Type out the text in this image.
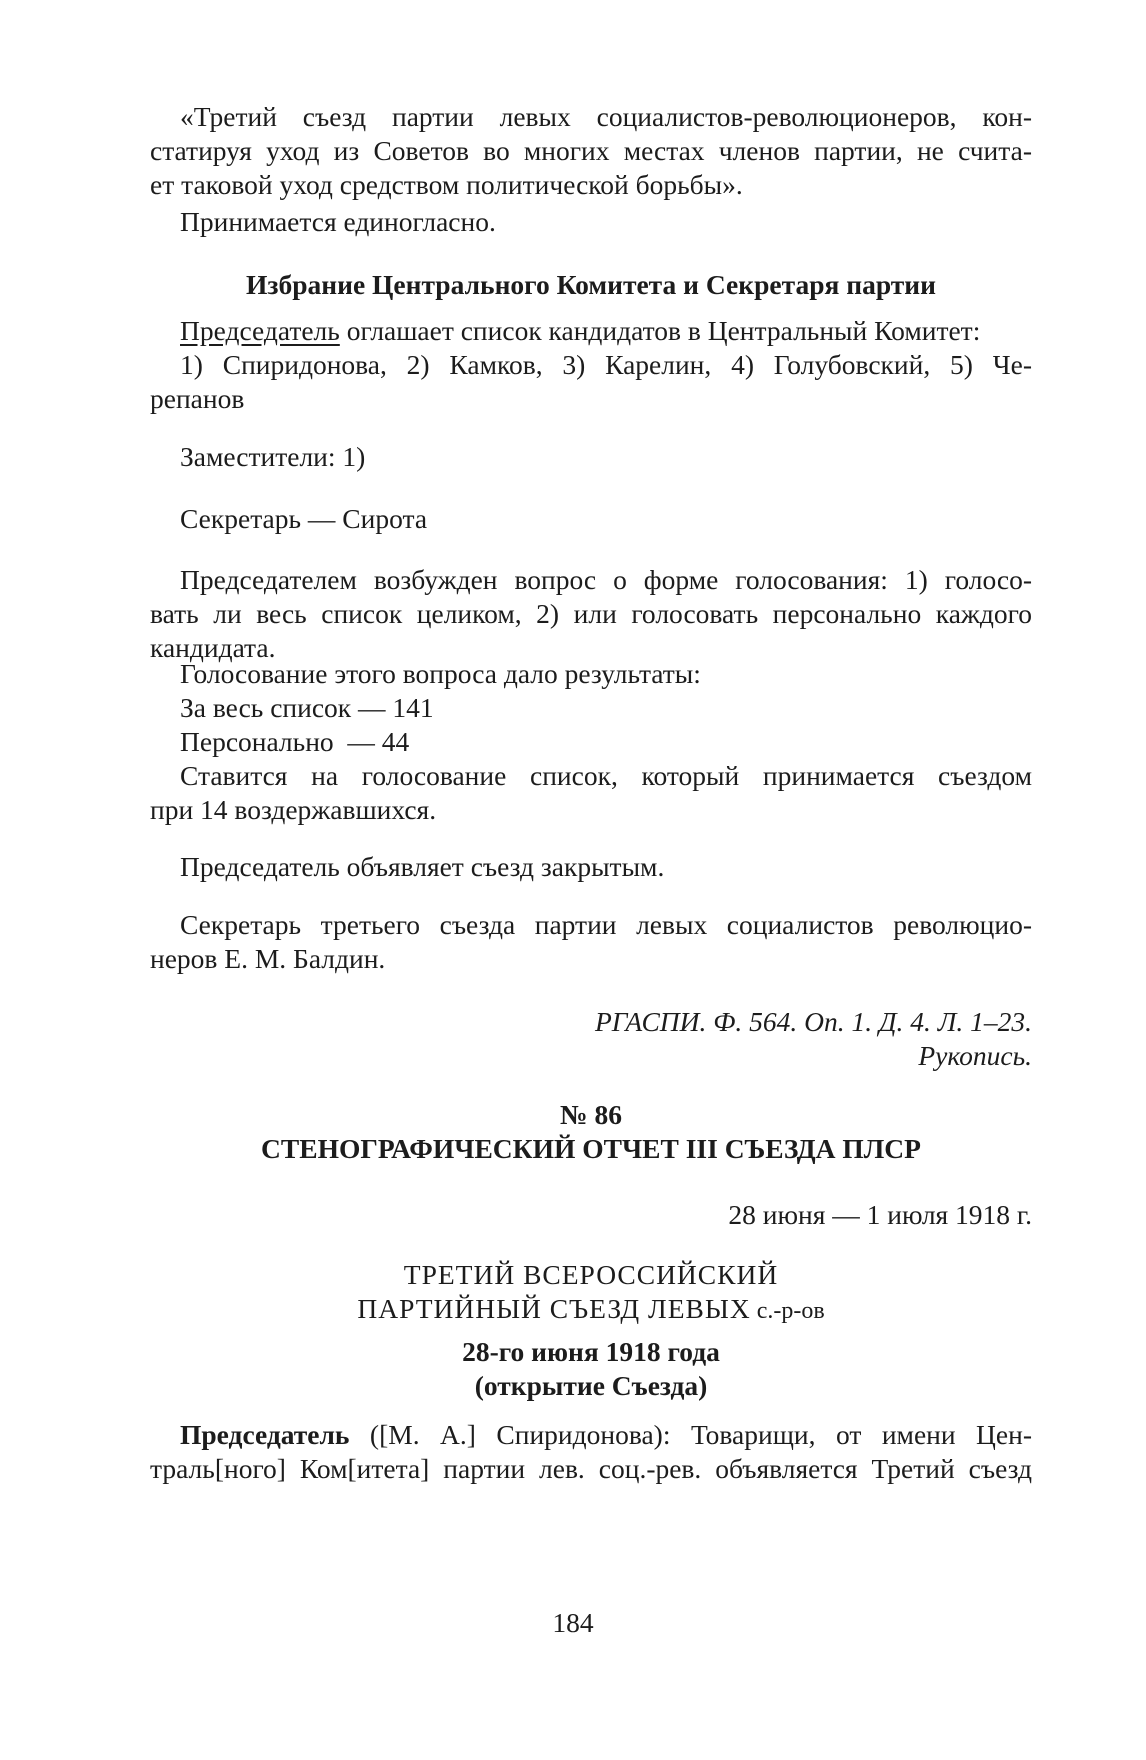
«Третий съезд партии левых социалистов-революционеров, кон-
статируя уход из Советов во многих местах членов партии, не счита-
ет таковой уход средством политической борьбы».
Принимается единогласно.
Избрание Центрального Комитета и Секретаря партии
Председатель оглашает список кандидатов в Центральный Комитет:
1) Спиридонова, 2) Камков, 3) Карелин, 4) Голубовский, 5) Че-
репанов
Заместители: 1)
Секретарь — Сирота
Председателем возбужден вопрос о форме голосования: 1) голосо-
вать ли весь список целиком, 2) или голосовать персонально каждого
кандидата.
Голосование этого вопроса дало результаты:
За весь список — 141
Персонально  — 44
Ставится на голосование список, который принимается съездом
при 14 воздержавшихся.
Председатель объявляет съезд закрытым.
Секретарь третьего съезда партии левых социалистов революцио-
неров Е. М. Балдин.
РГАСПИ. Ф. 564. Оп. 1. Д. 4. Л. 1–23.
Рукопись.
№ 86
СТЕНОГРАФИЧЕСКИЙ ОТЧЕТ III СЪЕЗДА ПЛСР
28 июня — 1 июля 1918 г.
ТРЕТИЙ ВСЕРОССИЙСКИЙ
ПАРТИЙНЫЙ СЪЕЗД ЛЕВЫХ с.-р-ов
28-го июня 1918 года
(открытие Съезда)
Председатель ([М. А.] Спиридонова): Товарищи, от имени Цен-
траль[ного] Ком[итета] партии лев. соц.-рев. объявляется Третий съезд
184
